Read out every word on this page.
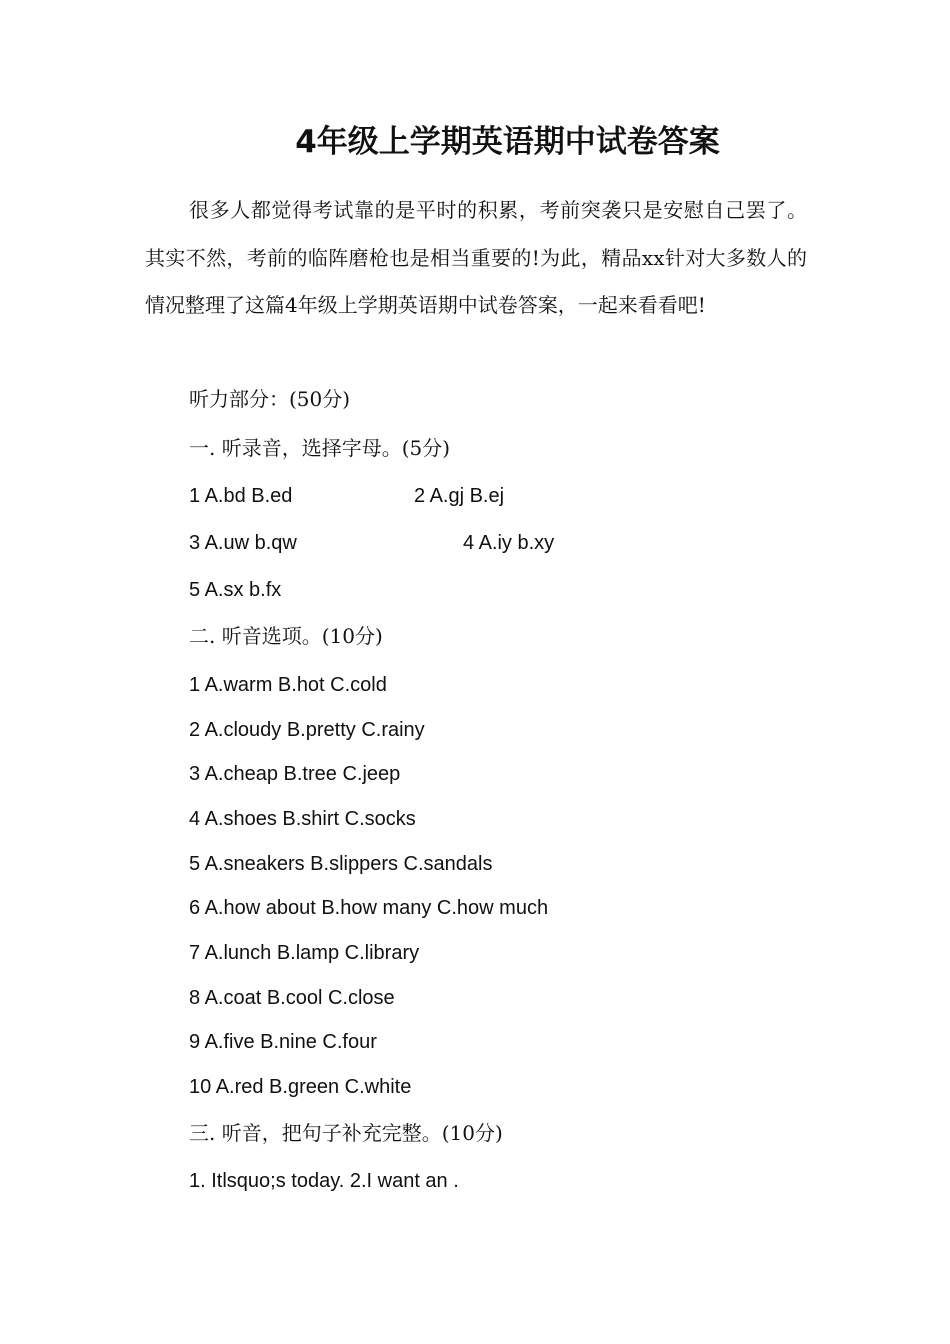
4年级上学期英语期中试卷答案

很多人都觉得考试靠的是平时的积累，考前突袭只是安慰自己罢了。其实不然，考前的临阵磨枪也是相当重要的!为此，精品xx针对大多数人的情况整理了这篇4年级上学期英语期中试卷答案，一起来看看吧!

听力部分：(50分)
一. 听录音，选择字母。(5分)
1 A.bd B.ed	2 A.gj B.ej
3 A.uw b.qw	4 A.iy b.xy
5 A.sx b.fx
二. 听音选项。(10分)
1 A.warm B.hot C.cold
2 A.cloudy B.pretty C.rainy
3 A.cheap B.tree C.jeep
4 A.shoes B.shirt C.socks
5 A.sneakers B.slippers C.sandals
6 A.how about B.how many C.how much
7 A.lunch B.lamp C.library
8 A.coat B.cool C.close
9 A.five B.nine C.four
10 A.red B.green C.white
三. 听音，把句子补充完整。(10分)
1. Itlsquo;s today. 2.I want an .
